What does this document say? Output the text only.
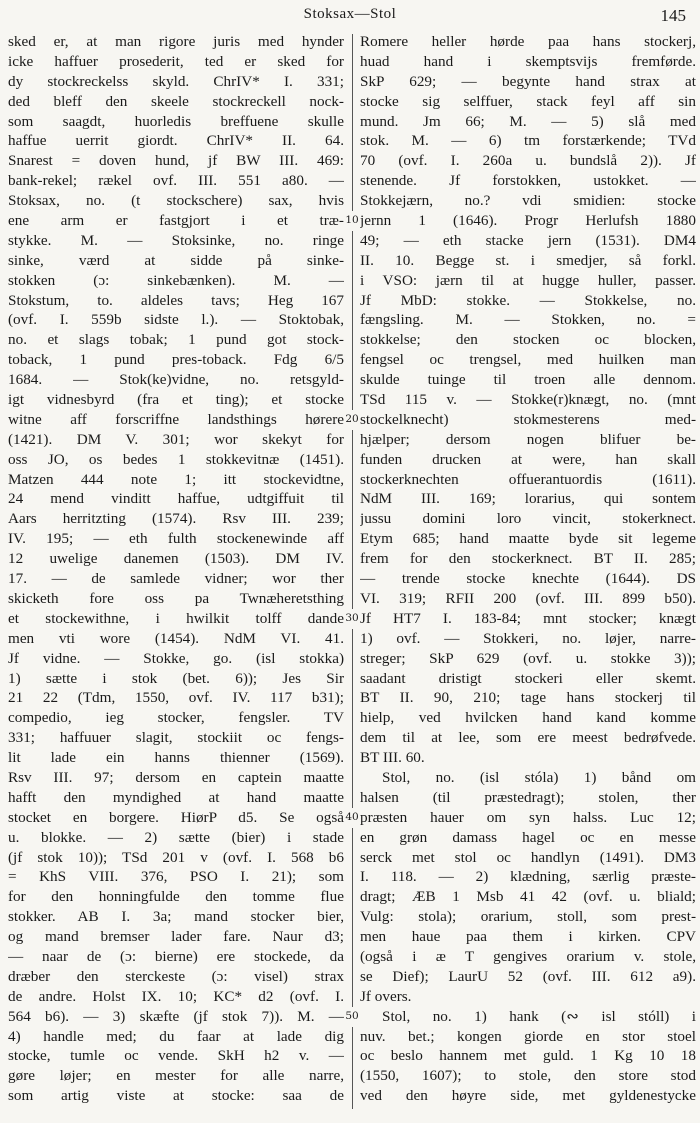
Stoksax—Stol	145
sked er, at man rigore juris med hynder
icke haffuer prosederit, ted er sked for
dy stockreckelss skyld. ChrIV* I. 331;
ded bleff den skeele stockreckell nock-
som saagdt, huorledis breffuene skulle
haffue uerrit giordt. ChrIV* II. 64.
Snarest = doven hund, jf BW III. 469:
bank-rekel; rækel ovf. III. 551 a80. —
Stoksax, no. (t stockschere) sax, hvis
ene arm er fastgjort i et træ-
stykke. M. — Stoksinke, no. ringe
sinke, værd at sidde på sinke-
stokken (ɔ: sinkebænken). M. —
Stokstum, to. aldeles tavs; Heg 167
(ovf. I. 559b sidste l.). — Stoktobak,
no. et slags tobak; 1 pund got stock-
toback, 1 pund pres-toback. Fdg 6/5
1684. — Stok(ke)vidne, no. retsgyld-
igt vidnesbyrd (fra et ting); et stocke
witne aff forscriffne landsthings hørere
(1421). DM V. 301; wor skekyt for
oss JO, os bedes 1 stokkevitnæ (1451).
Matzen 444 note 1; itt stockevidtne,
24 mend vinditt haffue, udtgiffuit til
Aars herritzting (1574). Rsv III. 239;
IV. 195; — eth fulth stockenewinde aff
12 uwelige danemen (1503). DM IV.
17. — de samlede vidner; wor ther
skicketh fore oss pa Twnæheretsthing
et stockewithne, i hwilkit tolff dande
men vti wore (1454). NdM VI. 41.
Jf vidne. — Stokke, go. (isl stokka)
1) sætte i stok (bet. 6)); Jes Sir
21 22 (Tdm, 1550, ovf. IV. 117 b31);
compedio, ieg stocker, fengsler. TV
331; haffuuer slagit, stockiit oc fengs-
lit lade ein hanns thienner (1569).
Rsv III. 97; dersom en captein maatte
hafft den myndighed at hand maatte
stocket en borgere. HiørP d5. Se også
u. blokke. — 2) sætte (bier) i stade
(jf stok 10)); TSd 201 v (ovf. I. 568 b6
= KhS VIII. 376, PSO I. 21); som
for den honningfulde den tomme flue
stokker. AB I. 3a; mand stocker bier,
og mand bremser lader fare. Naur d3;
— naar de (ɔ: bierne) ere stockede, da
dræber den sterckeste (ɔ: visel) strax
de andre. Holst IX. 10; KC* d2 (ovf. I.
564 b6). — 3) skæfte (jf stok 7)). M. —
4) handle med; du faar at lade dig
stocke, tumle oc vende. SkH h2 v. —
gøre løjer; en mester for alle narre,
som artig viste at stocke: saa de
Romere heller hørde paa hans stockerj,
huad hand i skemptsvijs fremførde.
SkP 629; — begynte hand strax at
stocke sig selffuer, stack feyl aff sin
mund. Jm 66; M. — 5) slå med
stok. M. — 6) tm forstærkende; TVd
70 (ovf. I. 260a u. bundslå 2)). Jf
stenende. Jf forstokken, ustokket. —
Stokkejærn, no.? vdi smidien: stocke
jernn 1 (1646). Progr Herlufsh 1880
49; — eth stacke jern (1531). DM4
II. 10. Begge st. i smedjer, så forkl.
i VSO: jærn til at hugge huller, passer.
Jf MbD: stokke. — Stokkelse, no.
fængsling. M. — Stokken, no. =
stokkelse; den stocken oc blocken,
fengsel oc trengsel, med huilken man
skulde tuinge til troen alle dennom.
TSd 115 v. — Stokke(r)knægt, no. (mnt
stockelknecht) stokmesterens med-
hjælper; dersom nogen blifuer be-
funden drucken at were, han skall
stockerknechten offuerantuordis (1611).
NdM III. 169; lorarius, qui sontem
jussu domini loro vincit, stokerknect.
Etym 685; hand maatte byde sit legeme
frem for den stockerknect. BT II. 285;
— trende stocke knechte (1644). DS
VI. 319; RFII 200 (ovf. III. 899 b50).
Jf HT7 I. 183-84; mnt stocker; knægt
1) ovf. — Stokkeri, no. løjer, narre-
streger; SkP 629 (ovf. u. stokke 3));
saadant dristigt stockeri eller skemt.
BT II. 90, 210; tage hans stockerj til
hielp, ved hvilcken hand kand komme
dem til at lee, som ere meest bedrøfvede.
BT III. 60.
Stol, no. (isl stóla) 1) bånd om
halsen (til præstedragt); stolen, ther
præsten hauer om syn halss. Luc 12;
en grøn damass hagel oc en messe
serck met stol oc handlyn (1491). DM3
I. 118. — 2) klædning, særlig præste-
dragt; ÆB 1 Msb 41 42 (ovf. u. bliald;
Vulg: stola); orarium, stoll, som prest-
men haue paa them i kirken. CPV
(også i æ T gengives orarium v. stole,
se Dief); LaurU 52 (ovf. III. 612 a9).
Jf overs.
Stol, no. 1) hank (∾ isl stóll) i
nuv. bet.; kongen giorde en stor stoel
oc beslo hannem met guld. 1 Kg 10 18
(1550, 1607); to stole, den store stod
ved den høyre side, met gyldenestycke
10
20
30
40
50
